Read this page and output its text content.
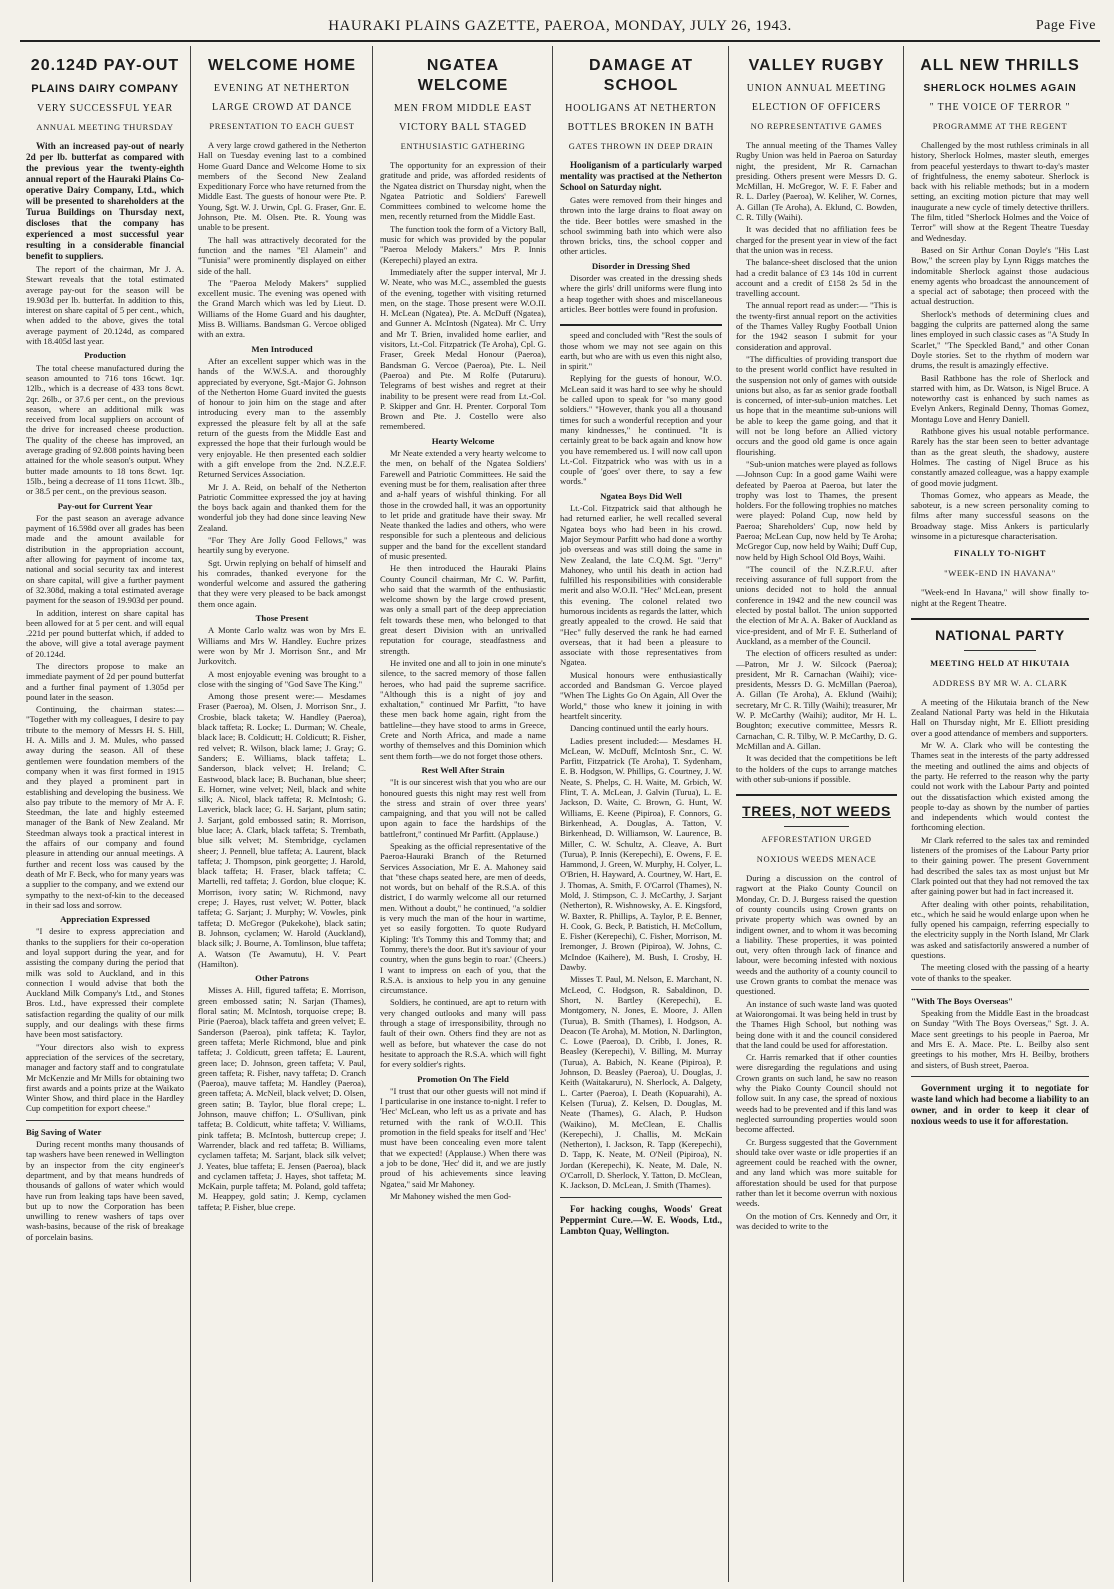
HAURAKI PLAINS GAZETTE, PAEROA, MONDAY, JULY 26, 1943.	Page Five
20.124D PAY-OUT
PLAINS DAIRY COMPANY
VERY SUCCESSFUL YEAR
ANNUAL MEETING THURSDAY

With an increased pay-out of nearly 2d per lb. butterfat as compared with the previous year the twenty-eighth annual report of the Hauraki Plains Co-operative Dairy Company, Ltd., which will be presented to shareholders at the Turua Buildings on Thursday next, discloses that the company has experienced a most successful year resulting in a considerable financial benefit to suppliers.

The report of the chairman, Mr J. A. Stewart reveals that the total estimated average pay-out for the season will be 19.903d per lb. butterfat. In addition to this, interest on share capital of 5 per cent., which, when added to the above, gives the total average payment of 20.124d, as compared with 18.405d last year.

Production

The total cheese manufactured during the season amounted to 716 tons 16cwt. 1qr. 12lb., which is a decrease of 433 tons 8cwt. 2qr. 26lb., or 37.6 per cent., on the previous season, where an additional milk was received from local suppliers on account of the drive for increased cheese production. The quality of the cheese has improved, an average grading of 92.808 points having been attained for the whole season's output. Whey butter made amounts to 18 tons 8cwt. 1qr. 15lb., being a decrease of 11 tons 11cwt. 3lb., or 38.5 per cent., on the previous season.

Pay-out for Current Year

For the past season an average advance payment of 16.598d over all grades has been made and the amount available for distribution in the appropriation account, after allowing for payment of income tax, national and social security tax and interest on share capital, will give a further payment of 32.308d, making a total estimated average payment for the season of 19.903d per pound.

In addition, interest on share capital has been allowed for at 5 per cent. and will equal .221d per pound butterfat which, if added to the above, will give a total average payment of 20.124d.

The directors propose to make an immediate payment of 2d per pound butterfat and a further final payment of 1.305d per pound later in the season.

Continuing, the chairman states:— "Together with my colleagues, I desire to pay tribute to the memory of Messrs H. S. Hill, H. A. Mills and J. M. Mules, who passed away during the season. All of these gentlemen were foundation members of the company when it was first formed in 1915 and they played a prominent part in establishing and developing the business. We also pay tribute to the memory of Mr A. F. Steedman, the late and highly esteemed manager of the Bank of New Zealand. Mr Steedman always took a practical interest in the affairs of our company and found pleasure in attending our annual meetings. A further and recent loss was caused by the death of Mr F. Beck, who for many years was a supplier to the company, and we extend our sympathy to the next-of-kin to the deceased in their sad loss and sorrow.

Appreciation Expressed

"I desire to express appreciation and thanks to the suppliers for their co-operation and loyal support during the year, and for assisting the company during the period that milk was sold to Auckland, and in this connection I would advise that both the Auckland Milk Company's Ltd., and Stones Bros. Ltd., have expressed their complete satisfaction regarding the quality of our milk supply, and our dealings with these firms have been most satisfactory.

"Your directors also wish to express appreciation of the services of the secretary, manager and factory staff and to congratulate Mr McKenzie and Mr Mills for obtaining two first awards and a points prize at the Waikato Winter Show, and third place in the Hardley Cup competition for export cheese."

Big Saving of Water

During recent months many thousands of tap washers have been renewed in Wellington by an inspector from the city engineer's department, and by that means hundreds of thousands of gallons of water which would have run from leaking taps have been saved, but up to now the Corporation has been unwilling to renew washers of taps over wash-basins, because of the risk of breakage of porcelain basins.

WELCOME HOME
EVENING AT NETHERTON
LARGE CROWD AT DANCE
PRESENTATION TO EACH GUEST

A very large crowd gathered in the Netherton Hall on Tuesday evening last to a combined Home Guard Dance and Welcome Home to six members of the Second New Zealand Expeditionary Force who have returned from the Middle East. The guests of honour were Pte. P. Young, Sgt. W. J. Urwin, Cpl. G. Fraser, Gnr. E. Johnson, Pte. M. Olsen. Pte. R. Young was unable to be present.

The hall was attractively decorated for the function and the names "El Alamein" and "Tunisia" were prominently displayed on either side of the hall.

The "Paeroa Melody Makers" supplied excellent music. The evening was opened with the Grand March which was led by Lieut. D. Williams of the Home Guard and his daughter, Miss B. Williams. Bandsman G. Vercoe obliged with an extra.

Men Introduced

After an excellent supper which was in the hands of the W.W.S.A. and thoroughly appreciated by everyone, Sgt.-Major G. Johnson of the Netherton Home Guard invited the guests of honour to join him on the stage and after introducing every man to the assembly expressed the pleasure felt by all at the safe return of the guests from the Middle East and expressed the hope that their furlough would be very enjoyable. He then presented each soldier with a gift envelope from the 2nd. N.Z.E.F. Returned Services Association.

Mr J. A. Reid, on behalf of the Netherton Patriotic Committee expressed the joy at having the boys back again and thanked them for the wonderful job they had done since leaving New Zealand.

"For They Are Jolly Good Fellows," was heartily sung by everyone.

Sgt. Urwin replying on behalf of himself and his comrades, thanked everyone for the wonderful welcome and assured the gathering that they were very pleased to be back amongst them once again.

Those Present

A Monte Carlo waltz was won by Mrs E. Williams and Mrs W. Handley. Euchre prizes were won by Mr J. Morrison Snr., and Mr Jurkovitch.

A most enjoyable evening was brought to a close with the singing of "God Save The King."

Among those present were:— Mesdames Fraser (Paeroa), M. Olsen, J. Morrison Snr., J. Crosbie, black taketa; W. Handley (Paeroa), black taffeta; R. Locke; L. Durman; W. Cheale, black lace; B. Coldicutt; H. Coldicutt; R. Fisher, red velvet; R. Wilson, black lame; J. Gray; G. Sanders; E. Williams, black taffeta; L. Sanderson, black velvet; H. Ireland; C. Eastwood, black lace; B. Buchanan, blue sheer; E. Horner, wine velvet; Neil, black and white silk; A. Nicol, black taffeta; R. McIntosh; G. Laverick, black lace; G. H. Sarjant, plum satin; J. Sarjant, gold embossed satin; R. Morrison, blue lace; A. Clark, black taffeta; S. Trembath, blue silk velvet; M. Stembridge, cyclamen sheer; J. Pennell, blue taffeta; A. Laurent, black taffeta; J. Thompson, pink georgette; J. Harold, black taffeta; H. Fraser, black taffeta; C. Martelli, red taffeta; J. Gordon, blue cloque; K. Morrison, ivory satin; W. Richmond, navy crepe; J. Hayes, rust velvet; W. Potter, black taffeta; G. Sarjant; J. Murphy; W. Vowles, pink taffeta; D. McGregor (Pukekohe), black satin; B. Johnson, cyclamen; W. Harold (Auckland), black silk; J. Bourne, A. Tomlinson, blue taffeta; A. Watson (Te Awamutu), H. V. Peart (Hamilton).

Other Patrons

Misses A. Hill, figured taffeta; E. Morrison, green embossed satin; N. Sarjan (Thames), floral satin; M. McIntosh, torquoise crepe; B. Pirie (Paeroa), black taffeta and green velvet; E. Sanderson (Paeroa), pink taffeta; K. Taylor, green taffeta; Merle Richmond, blue and pink taffeta; J. Coldicutt, green taffeta; E. Laurent, green lace; D. Johnson, green taffeta; V. Paul, green taffeta; R. Fisher, navy taffeta; D. Cranch (Paeroa), mauve taffeta; M. Handley (Paeroa), green taffeta; A. McNeil, black velvet; D. Olsen, green satin; B. Taylor, blue floral crepe; L. Johnson, mauve chiffon; L. O'Sullivan, pink taffeta; B. Coldicutt, white taffeta; V. Williams, pink taffeta; B. McIntosh, buttercup crepe; J. Warrender, black and red taffeta; B. Williams, cyclamen taffeta; M. Sarjant, black silk velvet; J. Yeates, blue taffeta; E. Jensen (Paeroa), black and cyclamen taffeta; J. Hayes, shot taffeta; M. McKain, purple taffeta; M. Poland, gold taffeta; M. Heappey, gold satin; J. Kemp, cyclamen taffeta; P. Fisher, blue crepe.

NGATEA WELCOME
MEN FROM MIDDLE EAST
VICTORY BALL STAGED
ENTHUSIASTIC GATHERING

The opportunity for an expression of their gratitude and pride, was afforded residents of the Ngatea district on Thursday night, when the Ngatea Patriotic and Soldiers' Farewell Committees combined to welcome home the men, recently returned from the Middle East.

The function took the form of a Victory Ball, music for which was provided by the popular "Paeroa Melody Makers." Mrs P. Innis (Kerepechi) played an extra.

Immediately after the supper interval, Mr J. W. Neate, who was M.C., assembled the guests of the evening, together with visiting returned men, on the stage. Those present were W.O.II. H. McLean (Ngatea), Pte. A. McDuff (Ngatea), and Gunner A. McIntosh (Ngatea). Mr C. Urry and Mr T. Brien, invalided home earlier, and visitors, Lt.-Col. Fitzpatrick (Te Aroha), Cpl. G. Fraser, Greek Medal Honour (Paeroa), Bandsman G. Vercoe (Paeroa), Pte. L. Neil (Paeroa) and Pte. M Rolfe (Putaruru). Telegrams of best wishes and regret at their inability to be present were read from Lt.-Col. P. Skipper and Gnr. H. Prenter. Corporal Tom Brown and Pte. J. Costello were also remembered.

Hearty Welcome

Mr Neate extended a very hearty welcome to the men, on behalf of the Ngatea Soldiers' Farewell and Patriotic Committees. He said the evening must be for them, realisation after three and a-half years of wishful thinking. For all those in the crowded hall, it was an opportunity to let pride and gratitude have their sway. Mr Neate thanked the ladies and others, who were responsible for such a plenteous and delicious supper and the band for the excellent standard of music presented.

He then introduced the Hauraki Plains County Council chairman, Mr C. W. Parfitt, who said that the warmth of the enthusiastic welcome shown by the large crowd present, was only a small part of the deep appreciation felt towards these men, who belonged to that great desert Division with an unrivalled reputation for courage, steadfastness and strength.

He invited one and all to join in one minute's silence, to the sacred memory of those fallen heroes, who had paid the supreme sacrifice. "Although this is a night of joy and exhaltation," continued Mr Parfitt, "to have these men back home again, right from the battleline—they have stood to arms in Greece, Crete and North Africa, and made a name worthy of themselves and this Dominion which sent them forth—we do not forget those others.

Rest Well After Strain

"It is our sincerest wish that you who are our honoured guests this night may rest well from the stress and strain of over three years' campaigning, and that you will not be called upon again to face the hardships of the battlefront," continued Mr Parfitt. (Applause.)

Speaking as the official representative of the Paeroa-Hauraki Branch of the Returned Services Association, Mr E. A. Mahoney said that "these chaps seated here, are men of deeds, not words, but on behalf of the R.S.A. of this district, I do warmly welcome all our returned men. Without a doubt," he continued, "a soldier is very much the man of the hour in wartime, yet so easily forgotten. To quote Rudyard Kipling: 'It's Tommy this and Tommy that; and Tommy, there's the door. But it's saviour of your country, when the guns begin to roar.' (Cheers.) I want to impress on each of you, that the R.S.A. is anxious to help you in any genuine circumstance.

Soldiers, he continued, are apt to return with very changed outlooks and many will pass through a stage of irresponsibility, through no fault of their own. Others find they are not as well as before, but whatever the case do not hesitate to approach the R.S.A. which will fight for every soldier's rights.

Promotion On The Field

"I trust that our other guests will not mind if I particularise in one instance to-night. I refer to 'Hec' McLean, who left us as a private and has returned with the rank of W.O.II. This promotion in the field speaks for itself and 'Hec' must have been concealing even more talent that we expected! (Applause.) When there was a job to be done, 'Hec' did it, and we are justly proud of his achievements since leaving Ngatea," said Mr Mahoney.

Mr Mahoney wished the men God-

DAMAGE AT SCHOOL
HOOLIGANS AT NETHERTON
BOTTLES BROKEN IN BATH
GATES THROWN IN DEEP DRAIN

Hooliganism of a particularly warped mentality was practised at the Netherton School on Saturday night.

Gates were removed from their hinges and thrown into the large drains to float away on the tide. Beer bottles were smashed in the school swimming bath into which were also thrown bricks, tins, the school copper and other articles.

Disorder in Dressing Shed

Disorder was created in the dressing sheds where the girls' drill uniforms were flung into a heap together with shoes and miscellaneous articles. Beer bottles were found in profusion.

speed and concluded with "Rest the souls of those whom we may not see again on this earth, but who are with us even this night also, in spirit."

Replying for the guests of honour, W.O. McLean said it was hard to see why he should be called upon to speak for "so many good soldiers." "However, thank you all a thousand times for such a wonderful reception and your many kindnesses," he continued. "It is certainly great to be back again and know how you have remembered us. I will now call upon Lt.-Col. Fitzpatrick who was with us in a couple of 'goes' over there, to say a few words."

Ngatea Boys Did Well

Lt.-Col. Fitzpatrick said that although he had returned earlier, he well recalled several Ngatea boys who had been in his crowd. Major Seymour Parfitt who had done a worthy job overseas and was still doing the same in New Zealand, the late C.Q.M. Sgt. "Jerry" Mahoney, who until his death in action had fulfilled his responsibilities with considerable merit and also W.O.II. "Hec" McLean, present this evening. The colonel related two humorous incidents as regards the latter, which greatly appealed to the crowd. He said that "Hec" fully deserved the rank he had earned overseas, that it had been a pleasure to associate with those representatives from Ngatea.

Musical honours were enthusiastically accorded and Bandsman G. Vercoe played "When The Lights Go On Again, All Over the World," those who knew it joining in with heartfelt sincerity.

Dancing continued until the early hours.

Ladies present included:— Mesdames H. McLean, W. McDuff, McIntosh Snr., C. W. Parfitt, Fitzpatrick (Te Aroha), T. Sydenham, E. B. Hodgson, W. Phillips, G. Courtney, J. W. Neate, S. Phelps, C. H. Waite, M. Grbich, W. Flint, T. A. McLean, J. Galvin (Turua), L. E. Jackson, D. Waite, C. Brown, G. Hunt, W. Williams, E. Keene (Pipiroa), F. Connors, G. Birkenhead, A. Douglas, A. Tatton, V. Birkenhead, D. Williamson, W. Laurence, B. Miller, C. W. Schultz, A. Cleave, A. Burt (Turua), P. Innis (Kerepechi), E. Owens, F. E. Hammond, J. Green, W. Murphy, H. Colyer, L. O'Brien, H. Hayward, A. Courtney, W. Hart, E. J. Thomas, A. Smith, F. O'Carrol (Thames), N. Mold, J. Stimpson, C. J. McCarthy, J. Sarjant (Netherton), R. Wishnowsky, A. E. Kingsford, W. Baxter, R. Phillips, A. Taylor, P. E. Benner, H. Cook, G. Beck, P. Batistich, H. McCollum, E. Fisher (Kerepechi), C. Fisher, Morrison, M. Iremonger, J. Brown (Pipiroa), W. Johns, C. McIndoe (Kaihere), M. Bush, I. Crosby, H. Dawby.

Misses T. Paul, M. Nelson, E. Marchant, N. McLeod, C. Hodgson, R. Sabaldinon, D. Short, N. Bartley (Kerepechi), E. Montgomery, N. Jones, E. Moore, J. Allen (Turua), B. Smith (Thames), I. Hodgson, A. Deacon (Te Aroha), M. Motion, N. Darlington, C. Lowe (Paeroa), D. Cribb, I. Jones, R. Beasley (Kerepechi), V. Billing, M. Murray (Turua), A. Babich, N. Keane (Pipiroa), P. Johnson, D. Beasley (Paeroa), U. Douglas, J. Keith (Waitakaruru), N. Sherlock, A. Dalgety, L. Carter (Paeroa), I. Death (Kopuarahi), A. Kelsen (Turua), Z. Kelsen, D. Douglas, M. Neate (Thames), G. Alach, P. Hudson (Waikino), M. McClean, E. Challis (Kerepechi), J. Challis, M. McKain (Netherton), I. Jackson, R. Tapp (Kerepechi), D. Tapp, K. Neate, M. O'Neil (Pipiroa), N. Jordan (Kerepechi), K. Neate, M. Dale, N. O'Carroll, D. Sherlock, Y. Tatton, D. McClean, K. Jackson, D. McLean, J. Smith (Thames).

For hacking coughs, Woods' Great Peppermint Cure.—W. E. Woods, Ltd., Lambton Quay, Wellington.

VALLEY RUGBY
UNION ANNUAL MEETING
ELECTION OF OFFICERS
NO REPRESENTATIVE GAMES

The annual meeting of the Thames Valley Rugby Union was held in Paeroa on Saturday night, the president, Mr R. Carnachan presiding. Others present were Messrs D. G. McMillan, H. McGregor, W. F. F. Faber and R. L. Darley (Paeroa), W. Keliher, W. Cornes, A. Gillan (Te Aroha), A. Eklund, C. Bowden, C. R. Tilly (Waihi).

It was decided that no affiliation fees be charged for the present year in view of the fact that the union was in recess.

The balance-sheet disclosed that the union had a credit balance of £3 14s 10d in current account and a credit of £158 2s 5d in the travelling account.

The annual report read as under:— "This is the twenty-first annual report on the activities of the Thames Valley Rugby Football Union for the 1942 season I submit for your consideration and approval.

"The difficulties of providing transport due to the present world conflict have resulted in the suspension not only of games with outside unions but also, as far as senior grade football is concerned, of inter-sub-union matches. Let us hope that in the meantime sub-unions will be able to keep the game going, and that it will not be long before an Allied victory occurs and the good old game is once again flourishing.

"Sub-union matches were played as follows—Johnson Cup: In a good game Waihi were defeated by Paeroa at Paeroa, but later the trophy was lost to Thames, the present holders. For the following trophies no matches were played: Poland Cup, now held by Paeroa; Shareholders' Cup, now held by Paeroa; McLean Cup, now held by Te Aroha; McGregor Cup, now held by Waihi; Duff Cup, now held by High School Old Boys, Waihi.

"The council of the N.Z.R.F.U. after receiving assurance of full support from the unions decided not to hold the annual conference in 1942 and the new council was elected by postal ballot. The union supported the election of Mr A. A. Baker of Auckland as vice-president, and of Mr F. E. Sutherland of Auckland, as a member of the Council.

The election of officers resulted as under:—Patron, Mr J. W. Silcock (Paeroa); president, Mr R. Carnachan (Waihi); vice-presidents, Messrs D. G. McMillan (Paeroa), A. Gillan (Te Aroha), A. Eklund (Waihi); secretary, Mr C. R. Tilly (Waihi); treasurer, Mr W. P. McCarthy (Waihi); auditor, Mr H. L. Boughton; executive committee, Messrs R. Carnachan, C. R. Tilby, W. P. McCarthy, D. G. McMillan and A. Gillan.

It was decided that the competitions be left to the holders of the cups to arrange matches with other sub-unions if possible.

TREES, NOT WEEDS
AFFORESTATION URGED
NOXIOUS WEEDS MENACE

During a discussion on the control of ragwort at the Piako County Council on Monday, Cr. D. J. Burgess raised the question of county councils using Crown grants on private property which was owned by an indigent owner, and to whom it was becoming a liability. These properties, it was pointed out, very often through lack of finance and labour, were becoming infested with noxious weeds and the authority of a county council to use Crown grants to combat the menace was questioned.

An instance of such waste land was quoted at Waiorongomai. It was being held in trust by the Thames High School, but nothing was being done with it and the council considered that the land could be used for afforestation.

Cr. Harris remarked that if other counties were disregarding the regulations and using Crown grants on such land, he saw no reason why the Piako County Council should not follow suit. In any case, the spread of noxious weeds had to be prevented and if this land was neglected surrounding properties would soon become affected.

Cr. Burgess suggested that the Government should take over waste or idle properties if an agreement could be reached with the owner, and any land which was more suitable for afforestation should be used for that purpose rather than let it become overrun with noxious weeds.

On the motion of Crs. Kennedy and Orr, it was decided to write to the

ALL NEW THRILLS
SHERLOCK HOLMES AGAIN
" THE VOICE OF TERROR "
PROGRAMME AT THE REGENT

Challenged by the most ruthless criminals in all history, Sherlock Holmes, master sleuth, emerges from peaceful yesterdays to thwart to-day's master of frightfulness, the enemy saboteur. Sherlock is back with his reliable methods; but in a modern setting, an exciting motion picture that may well inaugurate a new cycle of timely detective thrillers. The film, titled "Sherlock Holmes and the Voice of Terror" will show at the Regent Theatre Tuesday and Wednesday.

Based on Sir Arthur Conan Doyle's "His Last Bow," the screen play by Lynn Riggs matches the indomitable Sherlock against those audacious enemy agents who broadcast the announcement of a special act of sabotage; then proceed with the actual destruction.

Sherlock's methods of determining clues and bagging the culprits are patterned along the same lines employed in such classic cases as "A Study In Scarlet," "The Speckled Band," and other Conan Doyle stories. Set to the rhythm of modern war drums, the result is amazingly effective.

Basil Rathbone has the role of Sherlock and starred with him, as Dr. Watson, is Nigel Bruce. A noteworthy cast is enhanced by such names as Evelyn Ankers, Reginald Denny, Thomas Gomez, Montagu Love and Henry Daniell.

Rathbone gives his usual notable performance. Rarely has the star been seen to better advantage than as the great sleuth, the shadowy, austere Holmes. The casting of Nigel Bruce as his constantly amazed colleague, was a happy example of good movie judgment.

Thomas Gomez, who appears as Meade, the saboteur, is a new screen personality coming to films after many successful seasons on the Broadway stage. Miss Ankers is particularly winsome in a picturesque characterisation.

FINALLY TO-NIGHT
"WEEK-END IN HAVANA"

"Week-end In Havana," will show finally to-night at the Regent Theatre.

NATIONAL PARTY
MEETING HELD AT HIKUTAIA
ADDRESS BY MR W. A. CLARK

A meeting of the Hikutaia branch of the New Zealand National Party was held in the Hikutaia Hall on Thursday night, Mr E. Elliott presiding over a good attendance of members and supporters.

Mr W. A. Clark who will be contesting the Thames seat in the interests of the party addressed the meeting and outlined the aims and objects of the party. He referred to the reason why the party could not work with the Labour Party and pointed out the dissatisfaction which existed among the people to-day as shown by the number of parties and independents which would contest the forthcoming election.

Mr Clark referred to the sales tax and reminded listeners of the promises of the Labour Party prior to their gaining power. The present Government had described the sales tax as most unjust but Mr Clark pointed out that they had not removed the tax after gaining power but had in fact increased it.

After dealing with other points, rehabilitation, etc., which he said he would enlarge upon when he fully opened his campaign, referring especially to the electricity supply in the North Island, Mr Clark was asked and satisfactorily answered a number of questions.

The meeting closed with the passing of a hearty vote of thanks to the speaker.

"With The Boys Overseas"

Speaking from the Middle East in the broadcast on Sunday "With The Boys Overseas," Sgt. J. A. Mace sent greetings to his people in Paeroa, Mr and Mrs E. A. Mace. Pte. L. Beilby also sent greetings to his mother, Mrs H. Beilby, brothers and sisters, of Bush street, Paeroa.

Government urging it to negotiate for waste land which had become a liability to an owner, and in order to keep it clear of noxious weeds to use it for afforestation.
